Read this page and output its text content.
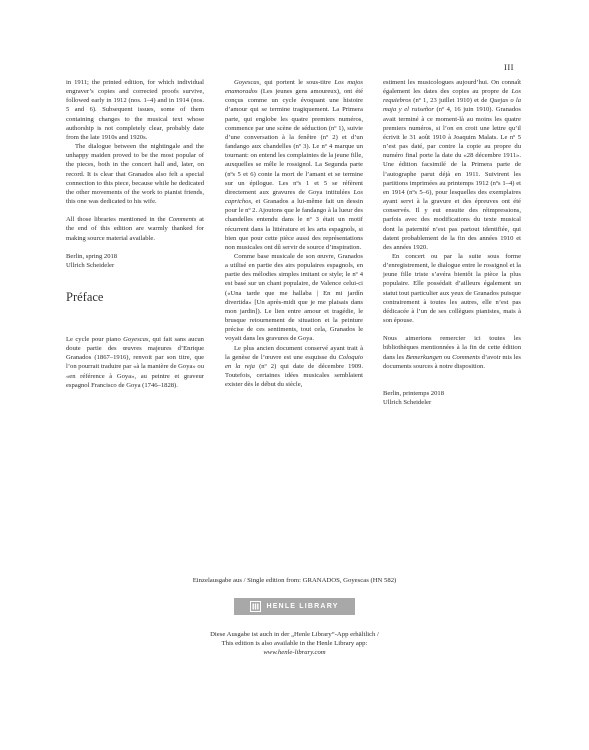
III

in 1911; the printed edition, for which individual engraver’s copies and corrected proofs survive, followed early in 1912 (nos. 1–4) and in 1914 (nos. 5 and 6). Subsequent issues, some of them containing changes to the musical text whose authorship is not completely clear, probably date from the late 1910s and 1920s.

The dialogue between the nightingale and the unhappy maiden proved to be the most popular of the pieces, both in the concert hall and, later, on record. It is clear that Granados also felt a special connection to this piece, because while he dedicated the other movements of the work to pianist friends, this one was dedicated to his wife.

All those libraries mentioned in the Comments at the end of this edition are warmly thanked for making source material available.

Berlin, spring 2018

Ullrich Scheideler

Préface

Le cycle pour piano Goyescas, qui fait sans aucun doute partie des œuvres majeures d’Enrique Granados (1867–1916), renvoit par son titre, que l’on pourrait traduire par «à la manière de Goya» ou «en référence à Goya», au peintre et graveur espagnol Francisco de Goya (1746–1828).

Goyescas, qui portent le sous-titre Los majos enamorados (Les jeunes gens amoureux), ont été conçus comme un cycle évoquant une histoire d’amour qui se termine tragiquement. La Primera parte, qui englobe les quatre premiers numéros, commence par une scène de séduction (nº 1), suivie d’une conversation à la fenêtre (nº 2) et d’un fandango aux chandelles (nº 3). Le nº 4 marque un tournant: on entend les complaintes de la jeune fille, auxquelles se mêle le rossignol. La Segunda parte (nºs 5 et 6) conte la mort de l’amant et se termine sur un épilogue. Les nºs 1 et 5 se réfèrent directement aux gravures de Goya intitulées Los caprichos, et Granados a lui-même fait un dessin pour le nº 2. Ajoutons que le fandango à la lueur des chandelles entendu dans le nº 3 était un motif récurrent dans la littérature et les arts espagnols, si bien que pour cette pièce aussi des représentations non musicales ont dû servir de source d’inspiration.

Comme base musicale de son œuvre, Granados a utilisé en partie des airs populaires espagnols, en partie des mélodies simples imitant ce style; le nº 4 est basé sur un chant populaire, de Valence celui-ci («Una tarde que me hallaba | En mi jardín divertida» [Un après-midi que je me plaisais dans mon jardin]). Le lien entre amour et tragédie, le brusque retournement de situation et la peinture précise de ces sentiments, tout cela, Granados le voyait dans les gravures de Goya.

Le plus ancien document conservé ayant trait à la genèse de l’œuvre est une esquisse du Coloquio en la reja (nº 2) qui date de décembre 1909. Toutefois, certaines idées musicales semblaient exister dès le début du siècle,

estiment les musicologues aujourd’hui. On connaît également les dates des copies au propre de Los requiebros (nº 1, 23 juillet 1910) et de Quejas o la maja y el ruiseñor (nº 4, 16 juin 1910). Granados avait terminé à ce moment-là au moins les quatre premiers numéros, si l’on en croit une lettre qu’il écrivit le 31 août 1910 à Joaquim Malats. Le nº 5 n’est pas daté, par contre la copie au propre du numéro final porte la date du «28 décembre 1911». Une édition facsimilé de la Primera parte de l’autographe parut déjà en 1911. Suivirent les partitions imprimées au printemps 1912 (nºs 1–4) et en 1914 (nºs 5–6), pour lesquelles des exemplaires ayant servi à la gravure et des épreuves ont été conservés. Il y eut ensuite des réimpressions, parfois avec des modifications du texte musical dont la paternité n’est pas partout identifiée, qui datent probablement de la fin des années 1910 et des années 1920.

En concert ou par la suite sous forme d’enregistrement, le dialogue entre le rossignol et la jeune fille triste s’avéra bientôt la pièce la plus populaire. Elle possédait d’ailleurs également un statut tout particulier aux yeux de Granados puisque contrairement à toutes les autres, elle n’est pas dédicacée à l’un de ses collègues pianistes, mais à son épouse.

Nous aimerions remercier ici toutes les bibliothèques mentionnées à la fin de cette édition dans les Bemerkungen ou Comments d’avoir mis les documents sources à notre disposition.

Berlin, printemps 2018

Ullrich Scheideler

Einzelausgabe aus / Single edition from: GRANADOS, Goyescas (HN 582)
HENLE LIBRARY
Diese Ausgabe ist auch in der „Henle Library“-App erhältlich /
This edition is also available in the Henle Library app:
www.henle-library.com
